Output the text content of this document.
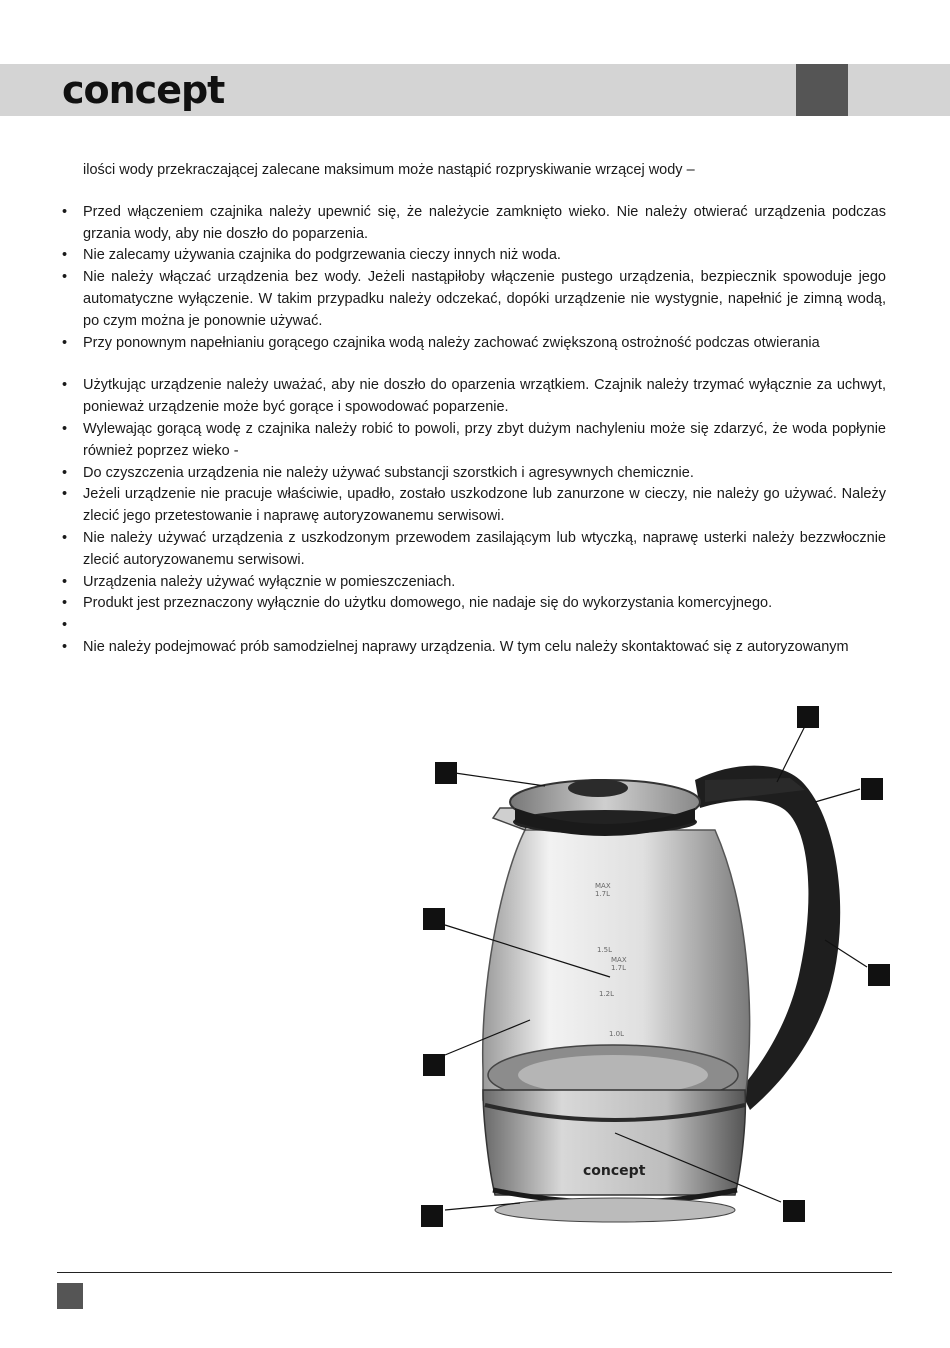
concept

ilości wody przekraczającej zalecane maksimum może nastąpić rozpryskiwanie wrzącej wody –

• Przed włączeniem czajnika należy upewnić się, że należycie zamknięto wieko. Nie należy otwierać urządzenia podczas grzania wody, aby nie doszło do poparzenia.
• Nie zalecamy używania czajnika do podgrzewania cieczy innych niż woda.
• Nie należy włączać urządzenia bez wody. Jeżeli nastąpiłoby włączenie pustego urządzenia, bezpiecznik spowoduje jego automatyczne wyłączenie. W takim przypadku należy odczekać, dopóki urządzenie nie wystygnie, napełnić je zimną wodą, po czym można je ponownie używać.
• Przy ponownym napełnianiu gorącego czajnika wodą należy zachować zwiększoną ostrożność podczas otwierania
• Użytkując urządzenie należy uważać, aby nie doszło do oparzenia wrzątkiem. Czajnik należy trzymać wyłącznie za uchwyt, ponieważ urządzenie może być gorące i spowodować poparzenie.
• Wylewając gorącą wodę z czajnika należy robić to powoli, przy zbyt dużym nachyleniu może się zdarzyć, że woda popłynie również poprzez wieko -
• Do czyszczenia urządzenia nie należy używać substancji szorstkich i agresywnych chemicznie.
• Jeżeli urządzenie nie pracuje właściwie, upadło, zostało uszkodzone lub zanurzone w cieczy, nie należy go używać. Należy zlecić jego przetestowanie i naprawę autoryzowanemu serwisowi.
• Nie należy używać urządzenia z uszkodzonym przewodem zasilającym lub wtyczką, naprawę usterki należy bezzwłocznie zlecić autoryzowanemu serwisowi.
• Urządzenia należy używać wyłącznie w pomieszczeniach.
• Produkt jest przeznaczony wyłącznie do użytku domowego, nie nadaje się do wykorzystania komercyjnego.
•
• Nie należy podejmować prób samodzielnej naprawy urządzenia. W tym celu należy skontaktować się z autoryzowanym
MAX
1.7L
1.5L
MAX
1.7L
1.2L
1.0L
concept
